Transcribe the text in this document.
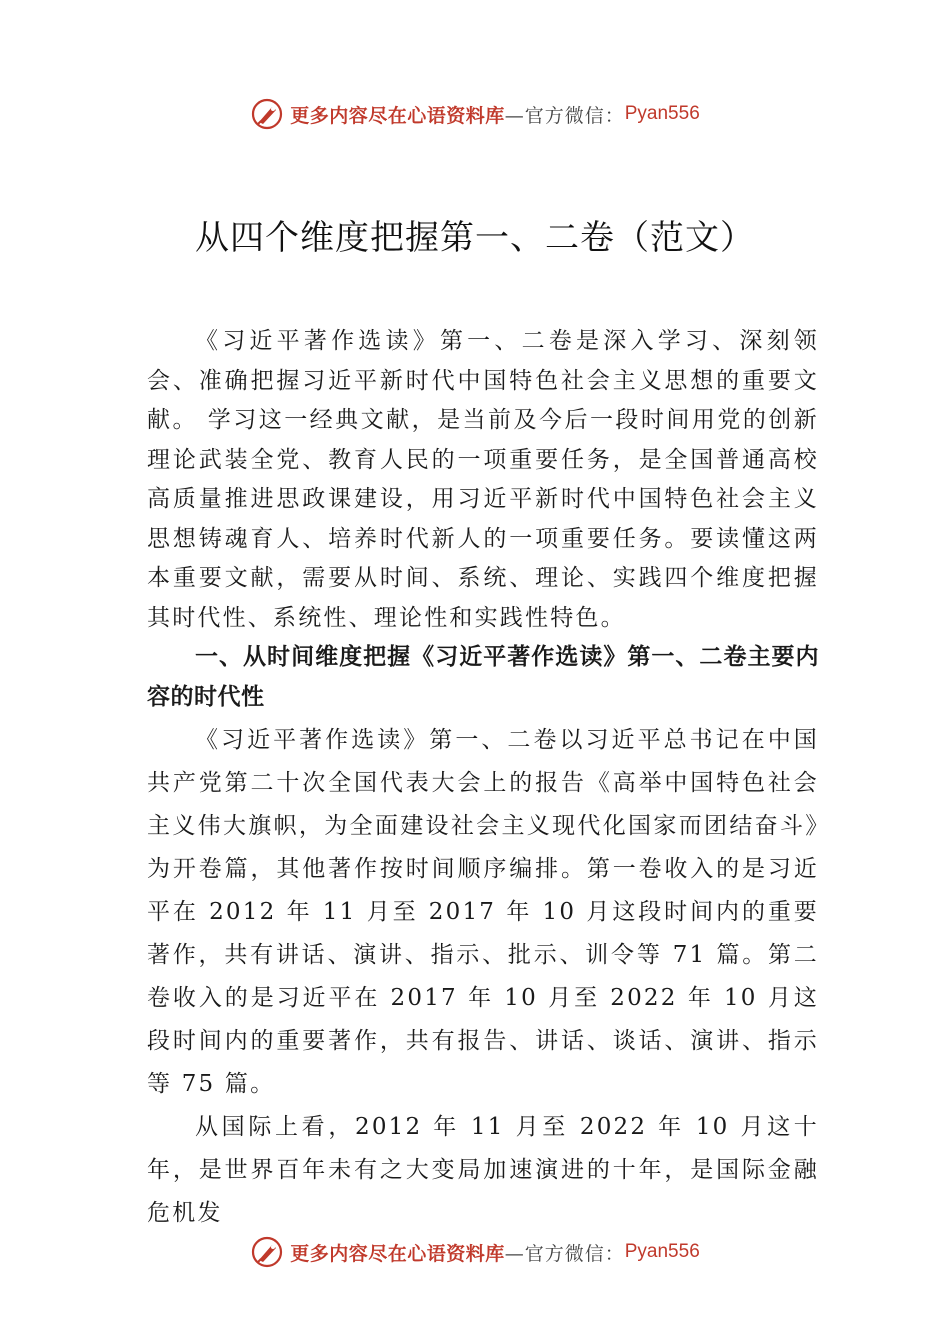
更多内容尽在心语资料库 —官方微信： Pyan556
从四个维度把握第一、二卷（范文）

《习近平著作选读》第一、二卷是深入学习、深刻领会、准确把握习近平新时代中国特色社会主义思想的重要文献。 学习这一经典文献，是当前及今后一段时间用党的创新理论武装全党、教育人民的一项重要任务，是全国普通高校高质量推进思政课建设，用习近平新时代中国特色社会主义思想铸魂育人、培养时代新人的一项重要任务。要读懂这两本重要文献，需要从时间、系统、理论、实践四个维度把握其时代性、系统性、理论性和实践性特色。

一、从时间维度把握《习近平著作选读》第一、二卷主要内容的时代性

《习近平著作选读》第一、二卷以习近平总书记在中国共产党第二十次全国代表大会上的报告《高举中国特色社会主义伟大旗帜，为全面建设社会主义现代化国家而团结奋斗》为开卷篇，其他著作按时间顺序编排。第一卷收入的是习近平在 2012 年 11 月至 2017 年 10 月这段时间内的重要著作，共有讲话、演讲、指示、批示、训令等 71 篇。第二卷收入的是习近平在 2017 年 10 月至 2022 年 10 月这段时间内的重要著作，共有报告、讲话、谈话、演讲、指示等 75 篇。

从国际上看，2012 年 11 月至 2022 年 10 月这十年，是世界百年未有之大变局加速演进的十年，是国际金融危机发

更多内容尽在心语资料库 —官方微信： Pyan556
